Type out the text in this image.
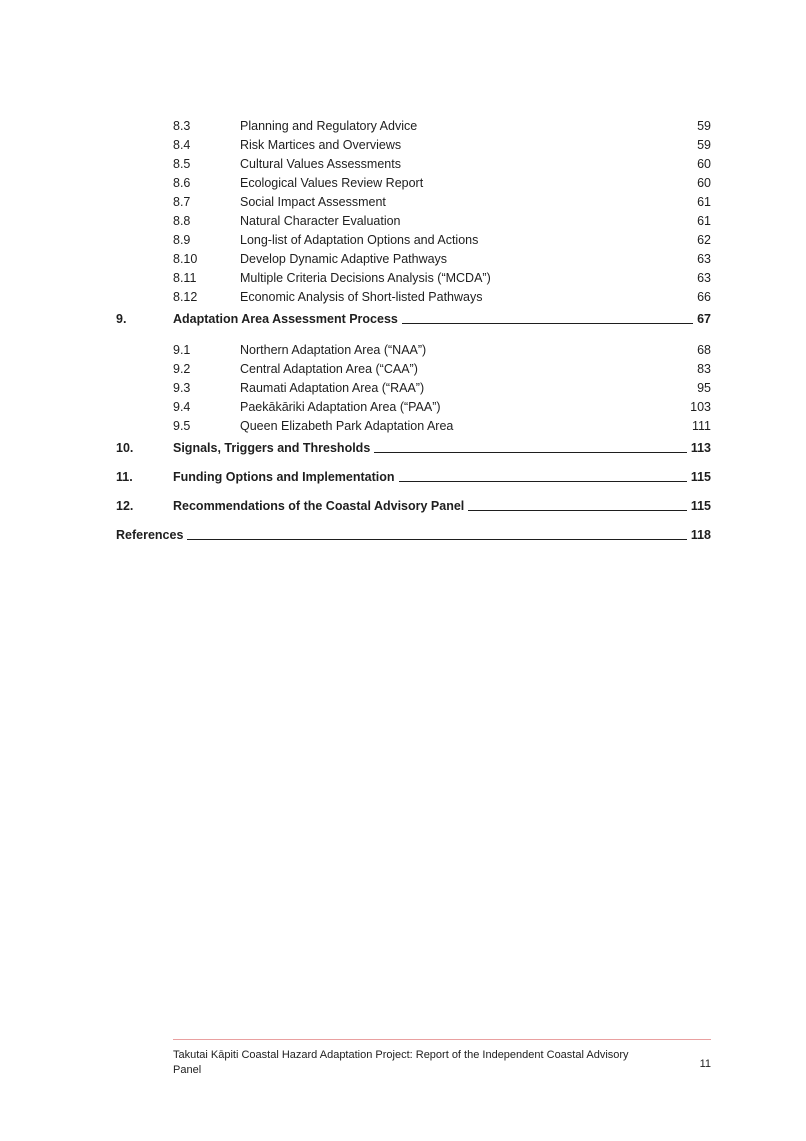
8.3	Planning and Regulatory Advice	59
8.4	Risk Martices and Overviews	59
8.5	Cultural Values Assessments	60
8.6	Ecological Values Review Report	60
8.7	Social Impact Assessment	61
8.8	Natural Character Evaluation	61
8.9	Long-list of Adaptation Options and Actions	62
8.10	Develop Dynamic Adaptive Pathways	63
8.11	Multiple Criteria Decisions Analysis (“MCDA”)	63
8.12	Economic Analysis of Short-listed Pathways	66
9.	Adaptation Area Assessment Process	67
9.1	Northern Adaptation Area (“NAA”)	68
9.2	Central Adaptation Area (“CAA”)	83
9.3	Raumati Adaptation Area (“RAA”)	95
9.4	Paekākāriki Adaptation Area (“PAA”)	103
9.5	Queen Elizabeth Park Adaptation Area	111
10.	Signals, Triggers and Thresholds	113
11.	Funding Options and Implementation	115
12.	Recommendations of the Coastal Advisory Panel	115
References	118
Takutai Kāpiti Coastal Hazard Adaptation Project: Report of the Independent Coastal Advisory Panel	11
